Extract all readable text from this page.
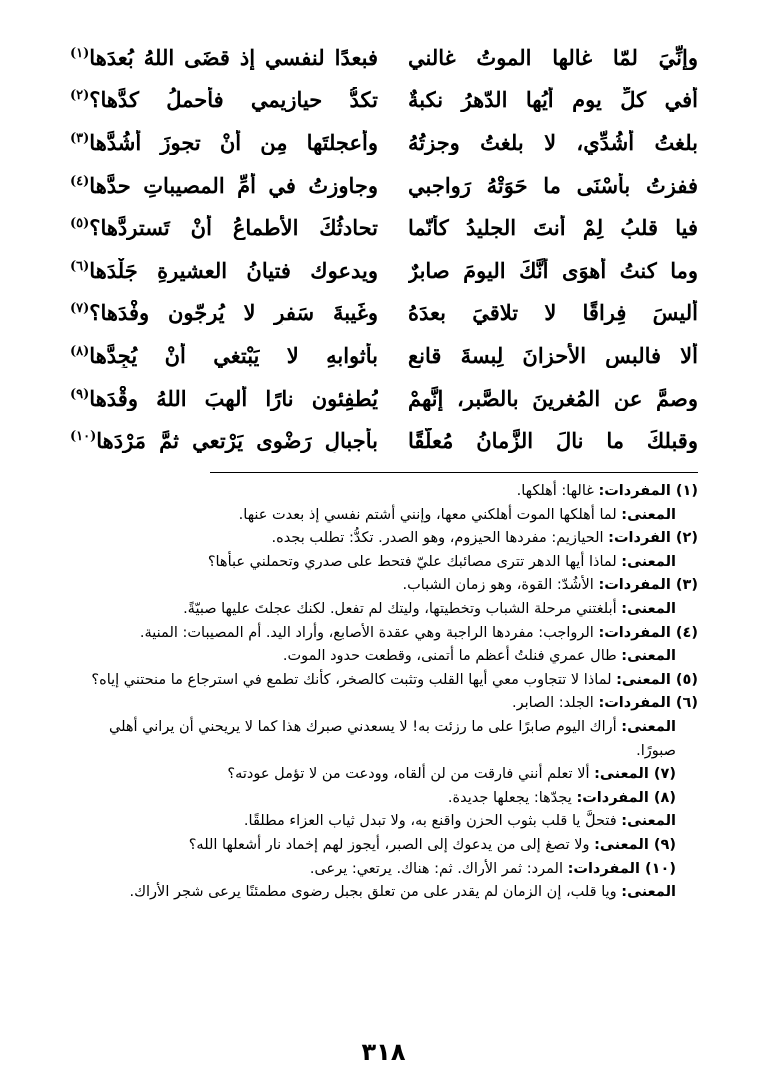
وإنِّيَ لمّا غالها الموتُ غالني
فبعدًا لنفسي إذ قضَى اللهُ بُعدَها$^{(١)}$
أفي كلِّ يوم أيُها الدّهرُ نكبةٌ
تكدُّ حيازيمي فأحملُ كدَّها؟$^{(٢)}$
بلغتُ أشُدِّي، لا بلغتُ وجزتُهُ
وأعجلتَها مِن أنْ تجوزَ أشُدَّها$^{(٣)}$
ففزتُ بأسْنَى ما حَوَتْهُ رَواجبي
وجاوزتُ في أُمِّ المصيباتِ حدَّها$^{(٤)}$
فيا قلبُ لِمْ أنتَ الجليدُ كأنّما
تحادثُكَ الأطماعُ أنْ تَستردَّها؟$^{(٥)}$
وما كنتُ أهوَى أنَّكَ اليومَ صابرٌ
ويدعوك فتيانُ العشيرةِ جَلْدَها$^{(٦)}$
أليسَ فِراقًا لا تلاقيَ بعدَهُ
وغَيبةَ سَفرٍ لا يُرجّون وفْدَها؟$^{(٧)}$
ألا فالبسِ الأحزانَ لِبسةَ قانعٍ
بأثوابهِ لا يَبْتغي أنْ يُجِدَّها$^{(٨)}$
وصمَّ عنِ المُغرينَ بالصَّبرِ، إنَّهمْ
يُطفِئون نارًا ألهبَ اللهُ وقْدَها$^{(٩)}$
وقبلكَ ما نالَ الزَّمانُ مُعلَّقًا
بأجبالِ رَضْوى يَرْتعي ثمَّ مَرْدَها$^{(١٠)}$
(١) المفردات: غالها: أهلكها.
المعنى: لما أهلكها الموت أهلكني معها، وإنني أشتم نفسي إذ بعدت عنها.
(٢) الفردات: الحيازيم: مفردها الحيزوم، وهو الصدر. تكدُّ: تطلب بجده.
المعنى: لماذا أيها الدهر تترى مصائبك عليّ فتحط على صدري وتحملني عبأها؟
(٣) المفردات: الأشُدّ: القوة، وهو زمان الشباب.
المعنى: أبلغتني مرحلة الشباب وتخطيتها، وليتك لم تفعل. لكنك عجلتَ عليها صبيّةً.
(٤) المفردات: الرواجب: مفردها الراجبة وهي عقدة الأصابع، وأراد اليد. أم المصيبات: المنية.
المعنى: طال عمري فنلتُ أعظم ما أتمنى، وقطعت حدود الموت.
(٥) المعنى: لماذا لا تتجاوب معي أيها القلب وتثبت كالصخر، كأنك تطمع في استرجاع ما منحتني إياه؟
(٦) المفردات: الجلد: الصابر.
المعنى: أراك اليوم صابرًا على ما رزئت به! لا يسعدني صبرك هذا كما لا يريحني أن يراني أهلي صبورًا.
(٧) المعنى: ألا تعلم أنني فارقت من لن ألقاه، وودعت من لا تؤمل عودته؟
(٨) المفردات: يجدّها: يجعلها جديدة.
المعنى: فتحلَّ يا قلب بثوب الحزن واقنع به، ولا تبدل ثياب العزاء مطلقًا.
(٩) المعنى: ولا تصغ إلى من يدعوك إلى الصبر، أيجوز لهم إخماد نار أشعلها الله؟
(١٠) المفردات: المرد: ثمر الأراك. ثم: هناك. يرتعي: يرعى.
المعنى: ويا قلب، إن الزمان لم يقدر على من تعلق بجبل رضوى مطمئنًا يرعى شجر الأراك.
٣١٨
